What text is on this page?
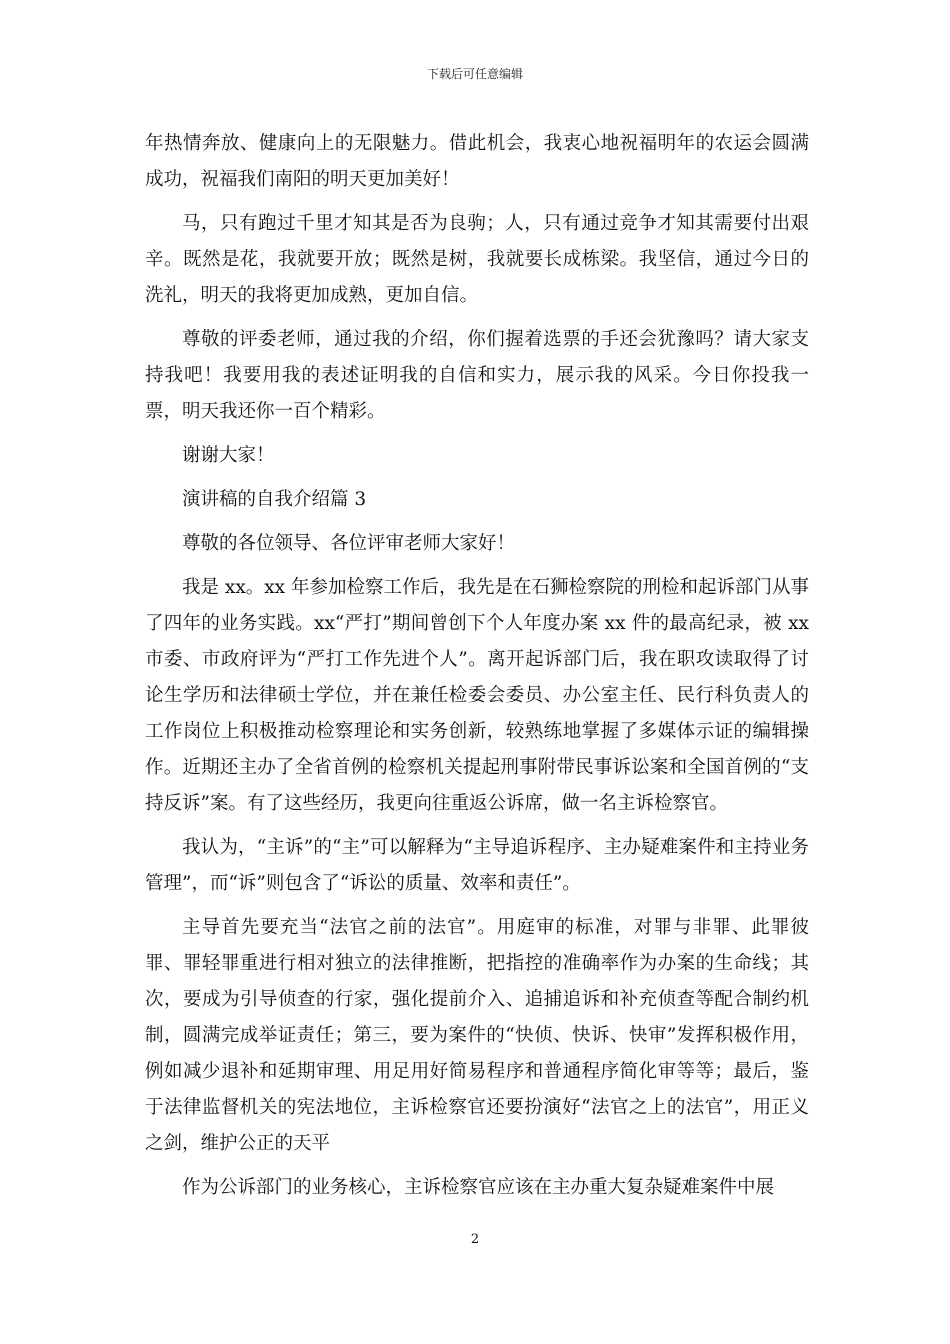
下载后可任意编辑

年热情奔放、健康向上的无限魅力。借此机会，我衷心地祝福明年的农运会圆满成功，祝福我们南阳的明天更加美好！

马，只有跑过千里才知其是否为良驹；人，只有通过竞争才知其需要付出艰辛。既然是花，我就要开放；既然是树，我就要长成栋梁。我坚信，通过今日的洗礼，明天的我将更加成熟，更加自信。

尊敬的评委老师，通过我的介绍，你们握着选票的手还会犹豫吗？请大家支持我吧！我要用我的表述证明我的自信和实力，展示我的风采。今日你投我一票，明天我还你一百个精彩。

谢谢大家！

演讲稿的自我介绍篇 3

尊敬的各位领导、各位评审老师大家好！

我是 xx。xx 年参加检察工作后，我先是在石狮检察院的刑检和起诉部门从事了四年的业务实践。xx“严打”期间曾创下个人年度办案 xx 件的最高纪录，被 xx 市委、市政府评为“严打工作先进个人”。离开起诉部门后，我在职攻读取得了讨论生学历和法律硕士学位，并在兼任检委会委员、办公室主任、民行科负责人的工作岗位上积极推动检察理论和实务创新，较熟练地掌握了多媒体示证的编辑操作。近期还主办了全省首例的检察机关提起刑事附带民事诉讼案和全国首例的“支持反诉”案。有了这些经历，我更向往重返公诉席，做一名主诉检察官。

我认为，“主诉”的“主”可以解释为“主导追诉程序、主办疑难案件和主持业务管理”，而“诉”则包含了“诉讼的质量、效率和责任”。

主导首先要充当“法官之前的法官”。用庭审的标准，对罪与非罪、此罪彼罪、罪轻罪重进行相对独立的法律推断，把指控的准确率作为办案的生命线；其次，要成为引导侦查的行家，强化提前介入、追捕追诉和补充侦查等配合制约机制，圆满完成举证责任；第三，要为案件的“快侦、快诉、快审”发挥积极作用，例如减少退补和延期审理、用足用好简易程序和普通程序简化审等等；最后，鉴于法律监督机关的宪法地位，主诉检察官还要扮演好“法官之上的法官”，用正义之剑，维护公正的天平

作为公诉部门的业务核心，主诉检察官应该在主办重大复杂疑难案件中展

2
